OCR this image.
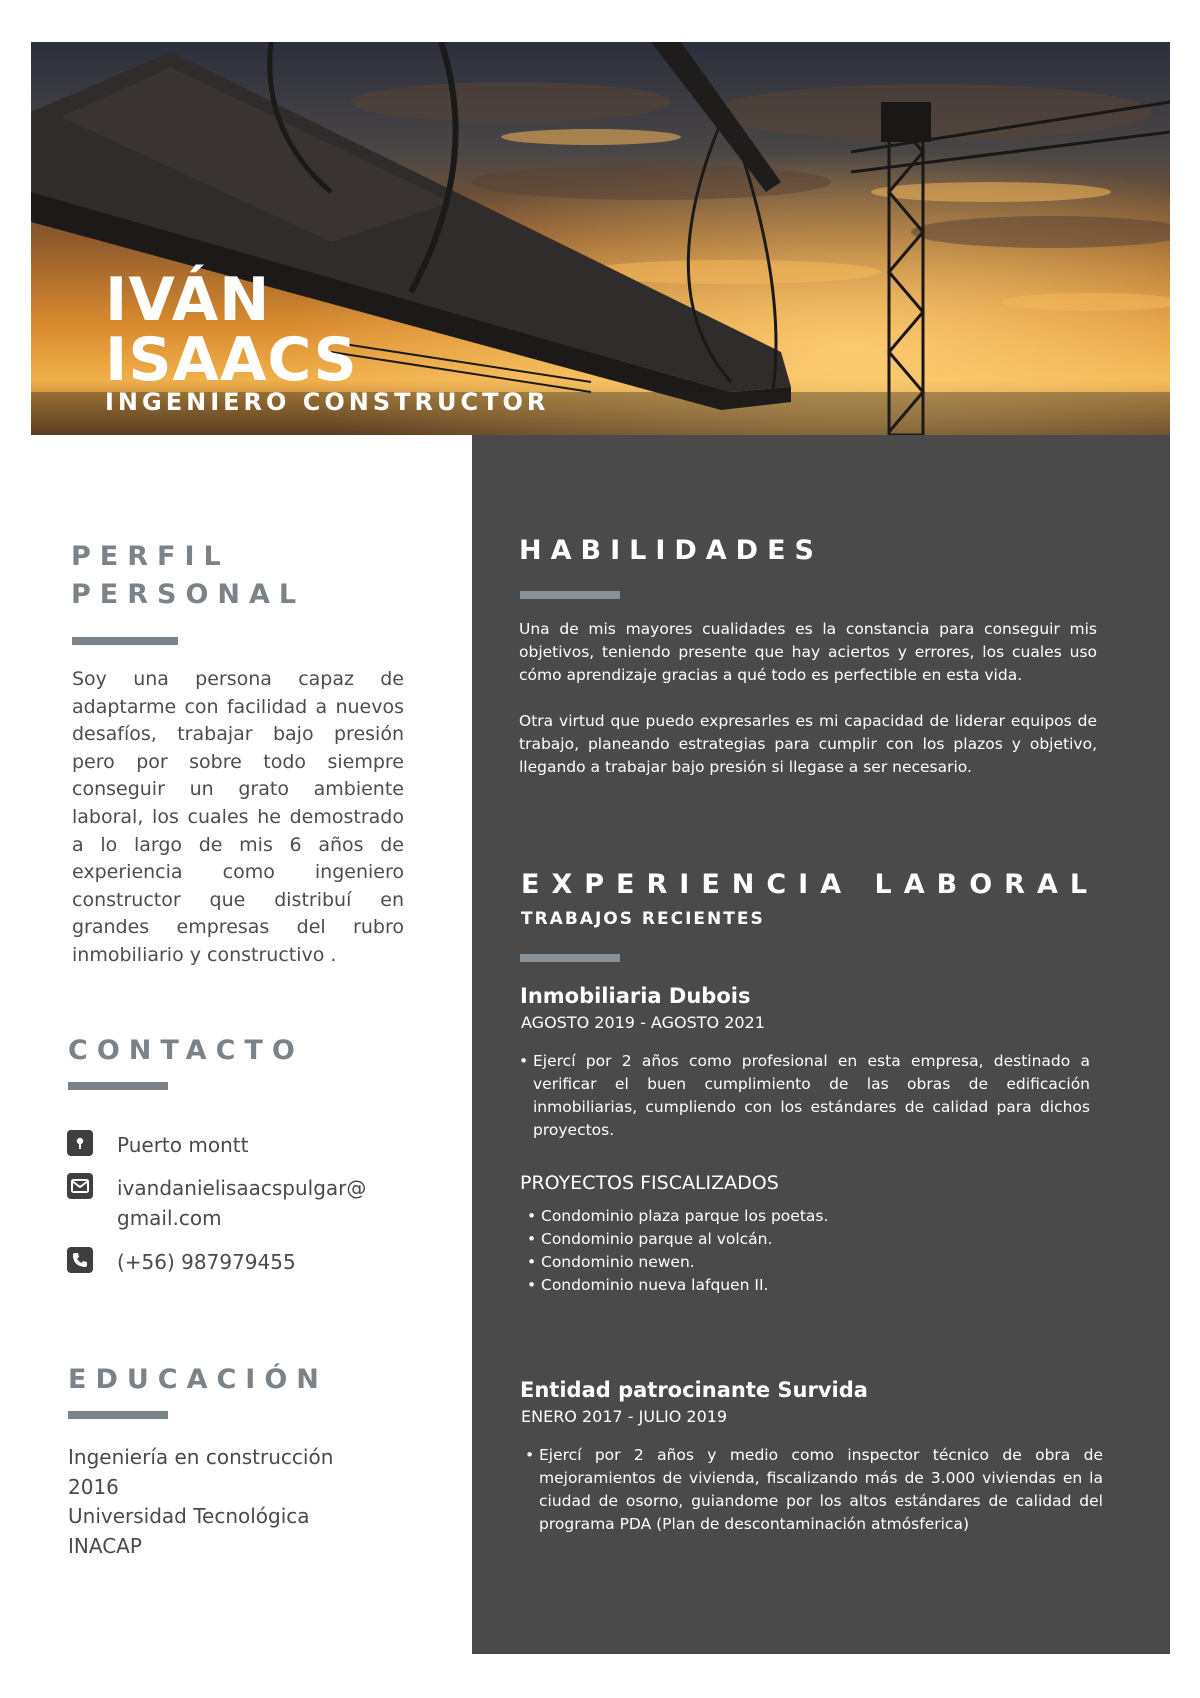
IVÁN
ISAACS
INGENIERO CONSTRUCTOR
PERFIL
PERSONAL

Soy una persona capaz de adaptarme con facilidad a nuevos desafíos, trabajar bajo presión pero por sobre todo siempre conseguir un grato ambiente laboral, los cuales he demostrado a lo largo de mis 6 años de experiencia como ingeniero constructor que distribuí en grandes empresas del rubro inmobiliario y constructivo .

CONTACTO
Puerto montt
ivandanielisaacspulgar@
gmail.com
(+56) 987979455
EDUCACIÓN
Ingeniería en construcción
2016
Universidad Tecnológica
INACAP
HABILIDADES

Una de mis mayores cualidades es la constancia para conseguir mis objetivos, teniendo presente que hay aciertos y errores, los cuales uso cómo aprendizaje gracias a qué todo es perfectible en esta vida.

Otra virtud que puedo expresarles es mi capacidad de liderar equipos de trabajo, planeando estrategias para cumplir con los plazos y objetivo, llegando a trabajar bajo presión si llegase a ser necesario.

EXPERIENCIA LABORAL
TRABAJOS RECIENTES
Inmobiliaria Dubois
AGOSTO 2019 - AGOSTO 2021
• Ejercí por 2 años como profesional en esta empresa, destinado a verificar el buen cumplimiento de las obras de edificación inmobiliarias, cumpliendo con los estándares de calidad para dichos proyectos.
PROYECTOS FISCALIZADOS
• Condominio plaza parque los poetas.
• Condominio parque al volcán.
• Condominio newen.
• Condominio nueva lafquen II.
Entidad patrocinante Survida
ENERO 2017 - JULIO 2019
• Ejercí por 2 años y medio como inspector técnico de obra de mejoramientos de vivienda, fiscalizando más de 3.000 viviendas en la ciudad de osorno, guiandome por los altos estándares de calidad del programa PDA (Plan de descontaminación atmósferica)
